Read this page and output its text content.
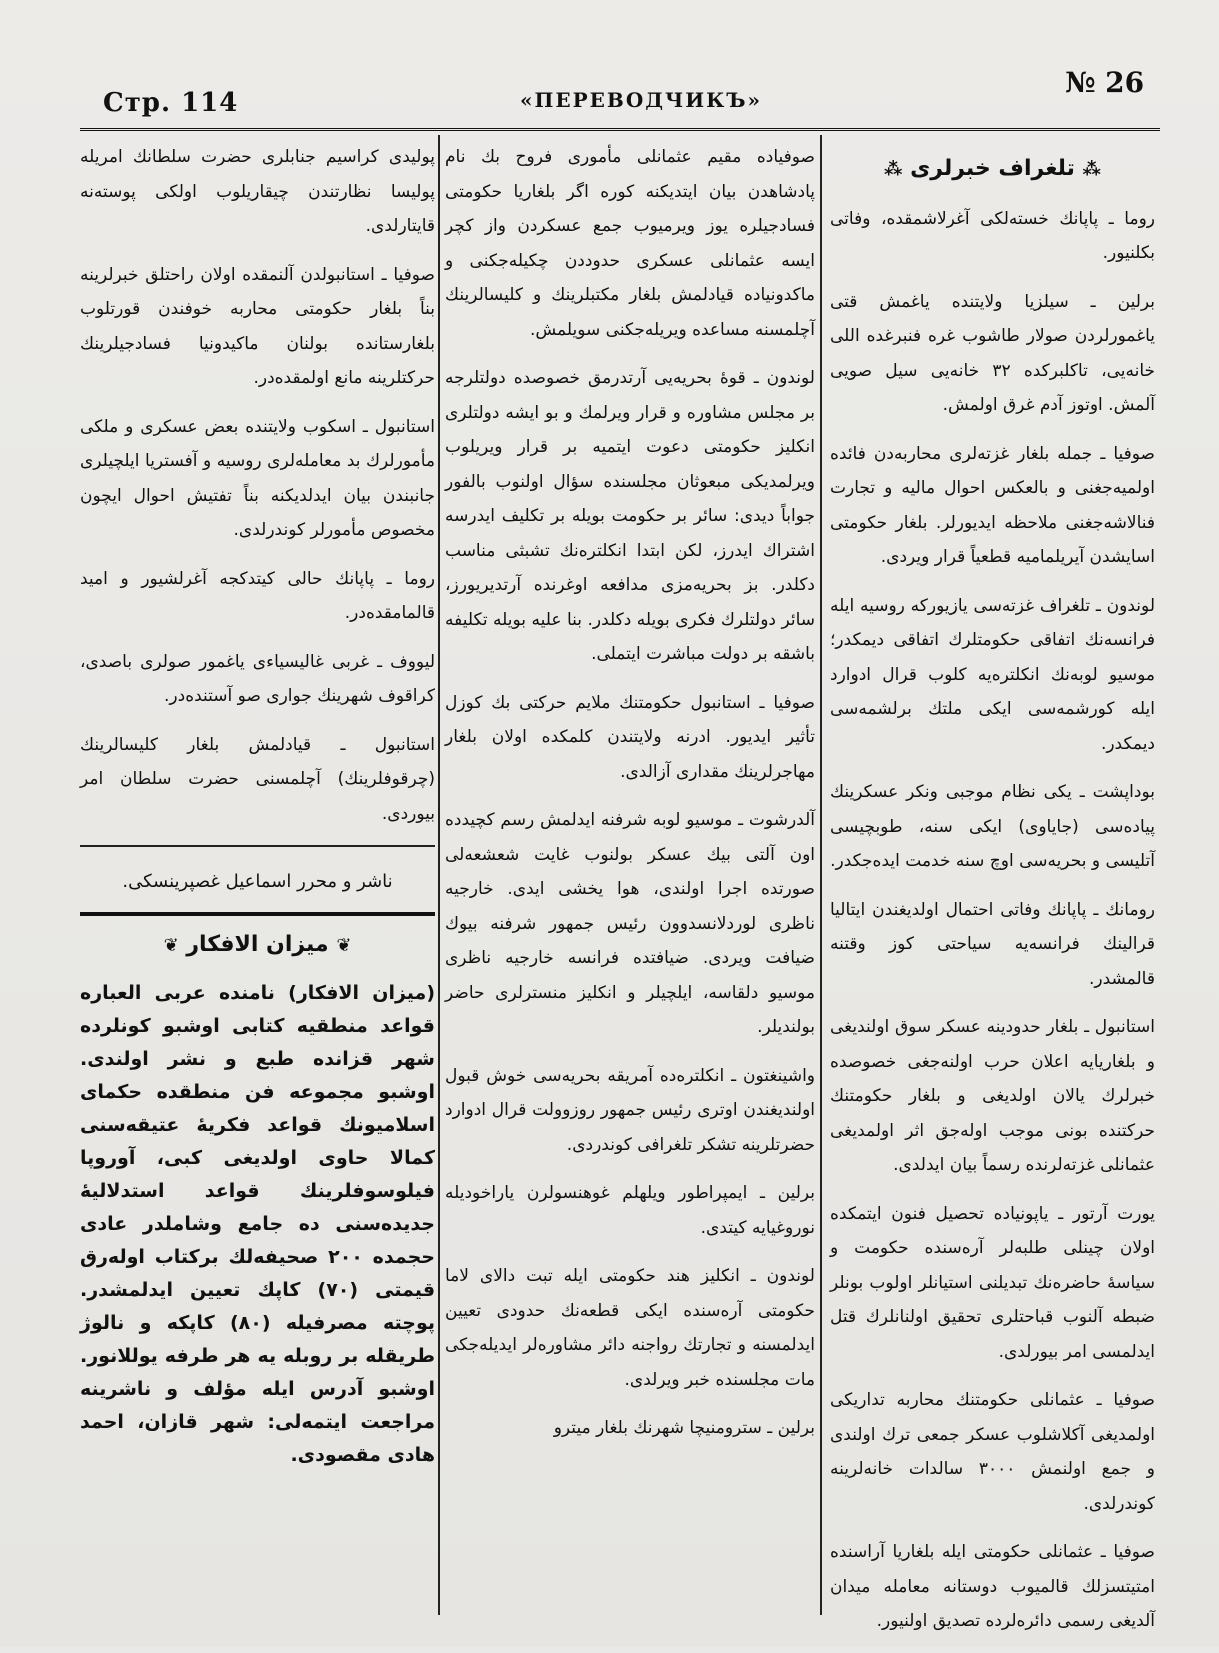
Стр. 114	«ПЕРЕВОДЧИКЪ»
№ 26
⁂ تلغراف خبرلری ⁂

روما ـ پاپانك خسته‌لكى آغرلاشمقده، وفاتى بكلنيور.

برلين ـ سيلزيا ولايتنده ياغمش قتى ياغمورلردن صولار طاشوب غره فنبرغده اللى خانه‌يى، تاكلبركده ٣٢ خانه‌يى سيل صويى آلمش. اوتوز آدم غرق اولمش.

صوفيا ـ جمله بلغار غزته‌لرى محاربه‌دن فائده اولميه‌جغنى و بالعكس احوال ماليه و تجارت فنالاشه‌جغنى ملاحظه ايديورلر. بلغار حكومتى اسايشدن آيريلماميه قطعياً قرار ويردى.

لوندون ـ تلغراف غزته‌سى يازيوركه روسيه ايله فرانسه‌نك اتفاقى حكومتلرك اتفاقى ديمكدر؛ موسيو لوبه‌نك انكلتره‌يه كلوب قرال ادوارد ايله كورشمه‌سى ايكى ملتك برلشمه‌سى ديمكدر.

بوداپشت ـ يكى نظام موجبى ونكر عسكرينك پياده‌سى (جاياوى) ايكى سنه، طوبچيسى آتليسى و بحريه‌سى اوچ سنه خدمت ايده‌جكدر.

رومانك ـ پاپانك وفاتى احتمال اولديغندن ايتاليا قرالينك فرانسه‌يه سياحتى كوز وقتنه قالمشدر.

استانبول ـ بلغار حدودينه عسكر سوق اولنديغى و بلغاريايه اعلان حرب اولنه‌جغى خصوصده خبرلرك يالان اولديغى و بلغار حكومتنك حركتنده بونى موجب اوله‌جق اثر اولمديغى عثمانلى غزته‌لرنده رسماً بيان ايدلدى.

يورت آرتور ـ ياپونياده تحصيل فنون ايتمكده اولان چينلى طلبه‌لر آرەسنده حكومت و سياسهٔ حاضره‌نك تبديلنى استيانلر اولوب بونلر ضبطه آلنوب قباحتلرى تحقيق اولنانلرك قتل ايدلمسى امر بيورلدى.

صوفيا ـ عثمانلى حكومتنك محاربه تداريكى اولمديغى آكلاشلوب عسكر جمعى ترك اولندى و جمع اولنمش ٣٠٠٠ سالدات خانه‌لرينه كوندرلدى.

صوفيا ـ عثمانلى حكومتى ايله بلغاريا آراسنده امتيتسزلك قالميوب دوستانه معامله ميدان آلديغى رسمى دائره‌لرده تصديق اولنيور.

صوفياده مقيم عثمانلى مأمورى فروح بك نام پادشاهدن بيان ايتديكنه كوره اگر بلغاريا حكومتى فسادجيلره يوز ويرميوب جمع عسكردن واز كچر ايسه عثمانلى عسكرى حدوددن چكيله‌جكنى و ماكدونياده قيادلمش بلغار مكتبلرينك و كليسالرينك آچلمسنه مساعده ويريله‌جكنى سويلمش.

لوندون ـ قوهٔ بحريه‌يى آرتدرمق خصوصده دولتلرجه بر مجلس مشاوره و قرار ويرلمك و بو ايشه دولتلرى انكليز حكومتى دعوت ايتميه بر قرار ويريلوب ويرلمديكى مبعوثان مجلسنده سؤال اولنوب بالفور جواباً ديدى: سائر بر حكومت بويله بر تكليف ايدرسه اشتراك ايدرز، لكن ابتدا انكلتره‌نك تشبثى مناسب دكلدر. بز بحريه‌مزى مدافعه اوغرنده آرتديريورز، سائر دولتلرك فكرى بويله دكلدر. بنا عليه بويله تكليفه باشقه بر دولت مباشرت ايتملى.

صوفيا ـ استانبول حكومتنك ملايم حركتى بك كوزل تأثير ايديور. ادرنه ولايتندن كلمكده اولان بلغار مهاجرلرينك مقدارى آزالدى.

آلدرشوت ـ موسيو لوبه شرفنه ايدلمش رسم كچيدده اون آلتى بيك عسكر بولنوب غايت شعشعه‌لى صورتده اجرا اولندى، هوا يخشى ايدى. خارجيه ناظرى لوردلانسدوون رئيس جمهور شرفنه بيوك ضيافت ويردى. ضيافتده فرانسه خارجيه ناظرى موسيو دلقاسه، ايلچيلر و انكليز منسترلرى حاضر بولنديلر.

واشينغتون ـ انكلتره‌ده آمريقه بحريه‌سى خوش قبول اولنديغندن اوترى رئيس جمهور روزوولت قرال ادوارد حضرتلرينه تشكر تلغرافى كوندردى.

برلين ـ ايمپراطور ويلهلم غوهنسولرن ياراخوديله نوروغيايه كيتدى.

لوندون ـ انكليز هند حكومتى ايله تبت دالاى لاما حكومتى آرەسنده ايكى قطعه‌نك حدودى تعيين ايدلمسنه و تجارتك رواجنه دائر مشاوره‌لر ايديله‌جكى مات مجلسنده خبر ويرلدى.

برلين ـ سترومنيچا شهرنك بلغار ميترو

پوليدى كراسيم جنابلرى حضرت سلطانك امريله پوليسا نظارتندن چيقاريلوب اولكى پوسته‌نه قايتارلدى.

صوفيا ـ استانبولدن آلنمقده اولان راحتلق خبرلرينه بناً بلغار حكومتى محاربه خوفندن قورتلوب بلغارستانده بولنان ماكيدونيا فسادجيلرينك حركتلرينه مانع اولمقده‌در.

استانبول ـ اسكوب ولايتنده بعض عسكرى و ملكى مأمورلرك بد معامله‌لرى روسيه و آفستريا ايلچيلرى جانبندن بيان ايدلديكنه بناً تفتيش احوال ايچون مخصوص مأمورلر كوندرلدى.

روما ـ پاپانك حالى كيتدكجه آغرلشيور و اميد قالمامقده‌در.

ليووف ـ غربى غاليسياءى ياغمور صولرى باصدى، كراقوف شهرينك جوارى صو آستنده‌در.

استانبول ـ قيادلمش بلغار كليسالرينك (چرقوفلرينك) آچلمسنى حضرت سلطان امر بيوردى.

ناشر و محرر اسماعيل غصپرينسكى.
❦ ميزان الافكار ❦

(ميزان الافكار) نامنده عربى العباره قواعد منطقيه كتابى اوشبو كونلرده شهر قزانده طبع و نشر اولندى. اوشبو مجموعه فن منطقده حكماى اسلاميونك قواعد فكريهٔ عتيقه‌سنى كمالا حاوى اولديغى كبى، آوروپا فيلوسوفلرينك قواعد استدلاليهٔ جديده‌سنى ده جامع وشاملدر عادى حجمده ٢٠٠ صحيفه‌لك بركتاب اوله‌رق قيمتى (٧٠) كاپك تعيين ايدلمشدر. پوچته مصرفيله (٨٠) كاپكه و نالوژ طريقله بر روبله يه هر طرفه يوللانور. اوشبو آدرس ايله مؤلف و ناشرينه مراجعت ايتمه‌لى: شهر قازان، احمد هادى مقصودى.
